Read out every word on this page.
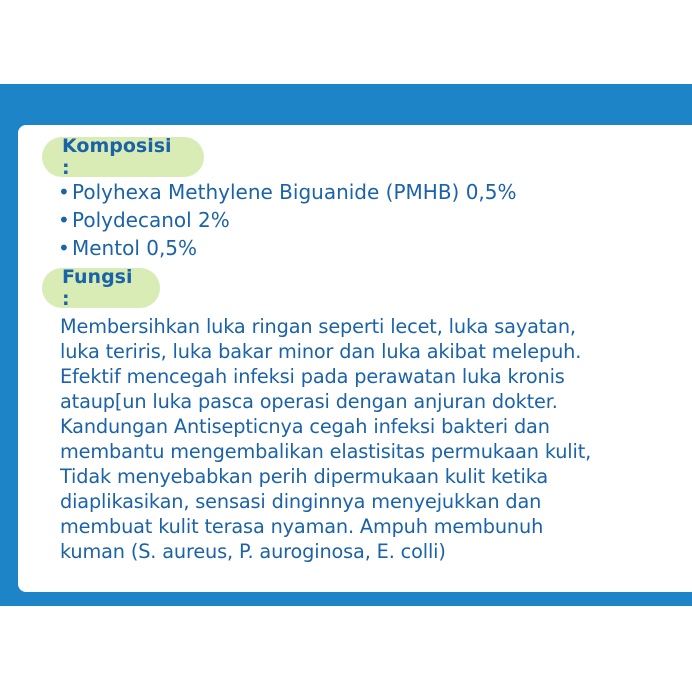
Komposisi :
• Polyhexa Methylene Biguanide (PMHB) 0,5%
• Polydecanol 2%
• Mentol 0,5%
Fungsi :
Membersihkan luka ringan seperti lecet, luka sayatan,
luka teriris, luka bakar minor dan luka akibat melepuh.
Efektif mencegah infeksi pada perawatan luka kronis
ataup[un luka pasca operasi dengan anjuran dokter.
Kandungan Antisepticnya cegah infeksi bakteri dan
membantu mengembalikan elastisitas permukaan kulit,
Tidak menyebabkan perih dipermukaan kulit ketika
diaplikasikan, sensasi dinginnya menyejukkan dan
membuat kulit terasa nyaman. Ampuh membunuh
kuman (S. aureus, P. auroginosa, E. colli)
